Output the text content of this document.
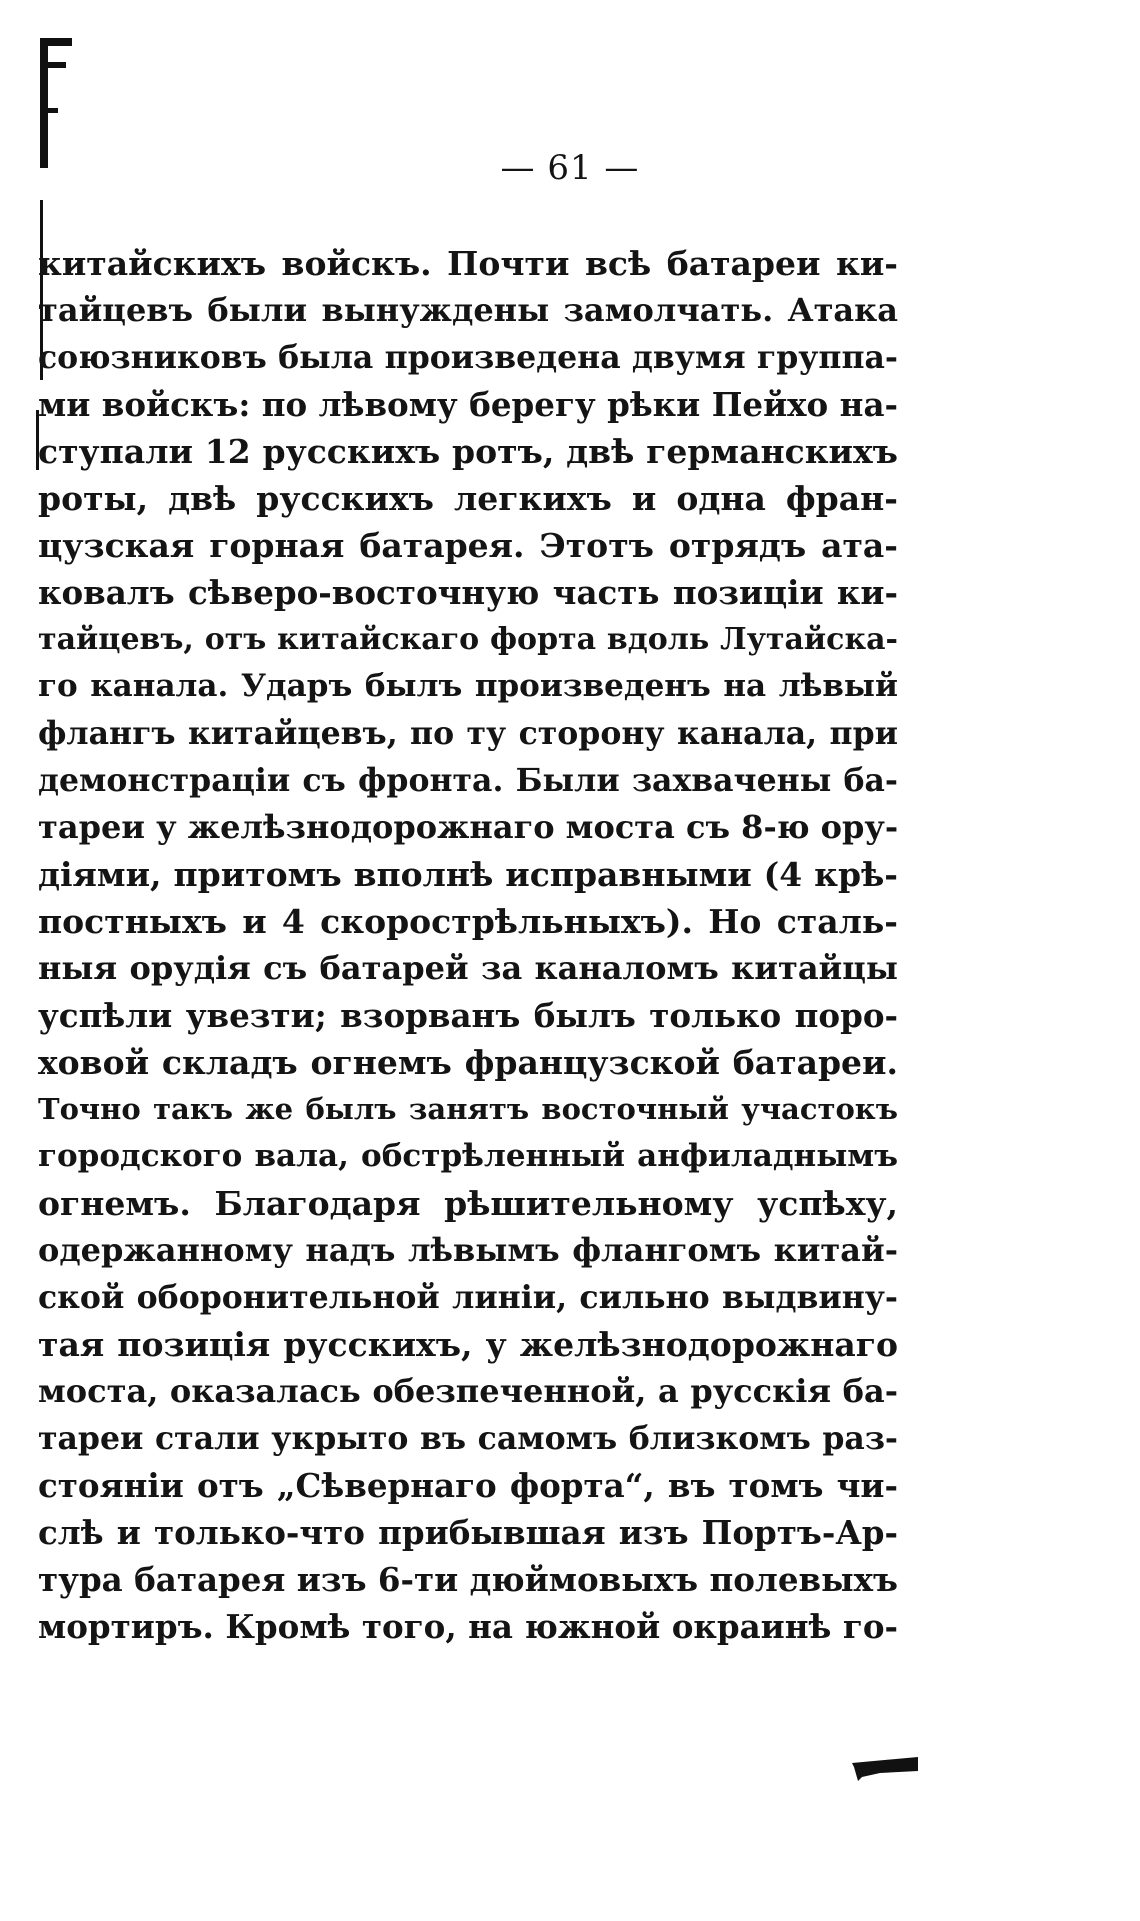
— 61 —
китайскихъ войскъ. Почти всѣ батареи ки-
тайцевъ были вынуждены замолчать. Атака
союзниковъ была произведена двумя группа-
ми войскъ: по лѣвому берегу рѣки Пейхо на-
ступали 12 русскихъ ротъ, двѣ германскихъ
роты, двѣ русскихъ легкихъ и одна фран-
цузская горная батарея. Этотъ отрядъ ата-
ковалъ сѣверо-восточную часть позиціи ки-
тайцевъ, отъ китайскаго форта вдоль Лутайска-
го канала. Ударъ былъ произведенъ на лѣвый
флангъ китайцевъ, по ту сторону канала, при
демонстраціи съ фронта. Были захвачены ба-
тареи у желѣзнодорожнаго моста съ 8-ю ору-
діями, притомъ вполнѣ исправными (4 крѣ-
постныхъ и 4 скорострѣльныхъ). Но сталь-
ныя орудія съ батарей за каналомъ китайцы
успѣли увезти; взорванъ былъ только поро-
ховой складъ огнемъ французской батареи.
Точно такъ же былъ занятъ восточный участокъ
городского вала, обстрѣленный анфиладнымъ
огнемъ. Благодаря рѣшительному успѣху,
одержанному надъ лѣвымъ флангомъ китай-
ской оборонительной линіи, сильно выдвину-
тая позиція русскихъ, у желѣзнодорожнаго
моста, оказалась обезпеченной, а русскія ба-
тареи стали укрыто въ самомъ близкомъ раз-
стояніи отъ „Сѣвернаго форта“, въ томъ чи-
слѣ и только-что прибывшая изъ Портъ-Ар-
тура батарея изъ 6-ти дюймовыхъ полевыхъ
мортиръ. Кромѣ того, на южной окраинѣ го-
